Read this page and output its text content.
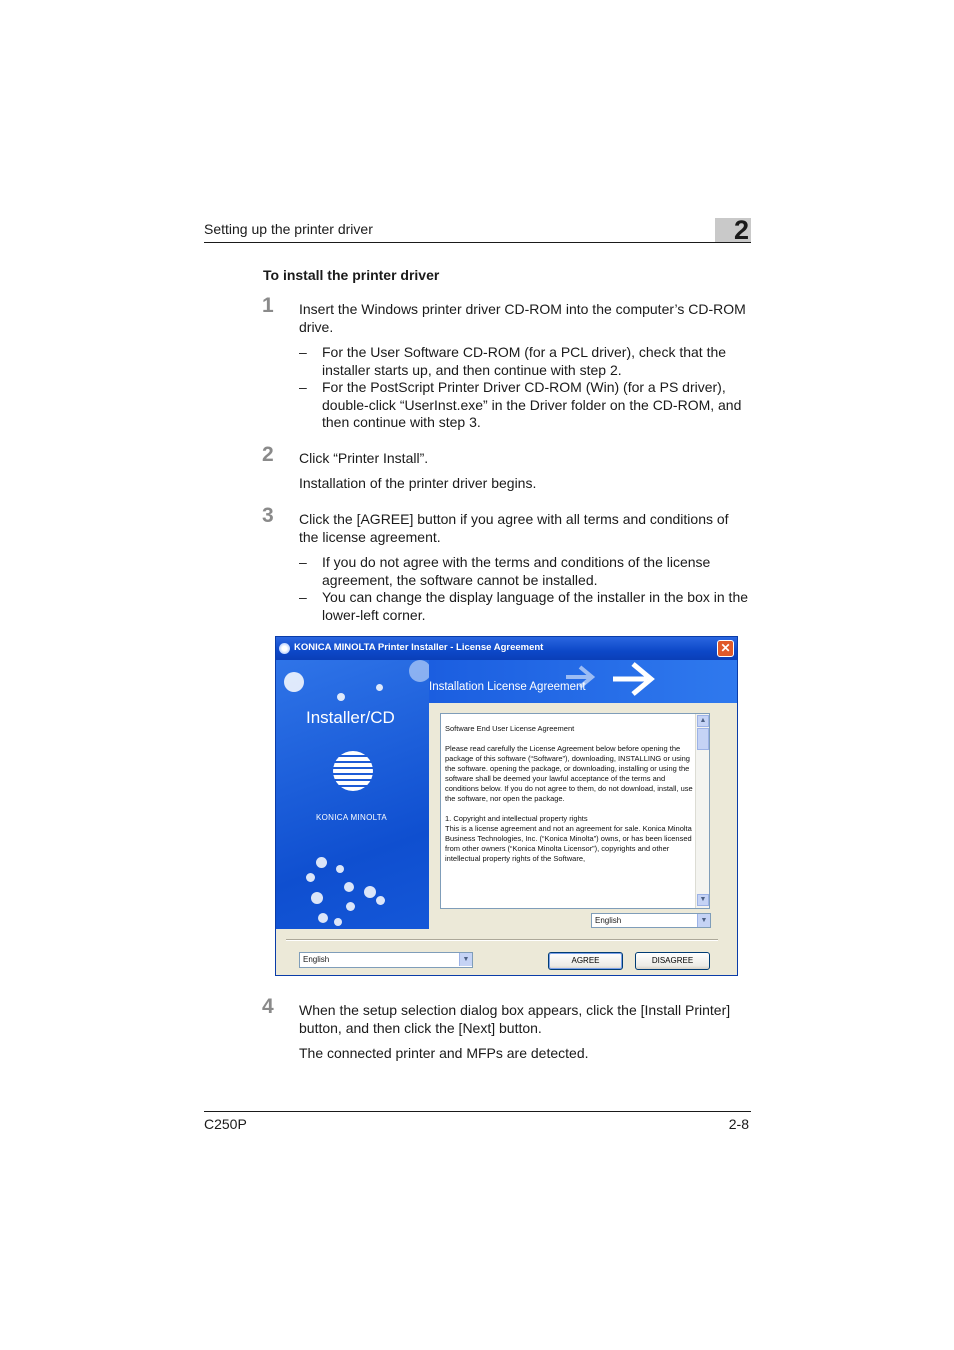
Setting up the printer driver	2
To install the printer driver
1 Insert the Windows printer driver CD-ROM into the computer’s CD-ROM drive.
– For the User Software CD-ROM (for a PCL driver), check that the installer starts up, and then continue with step 2.
– For the PostScript Printer Driver CD-ROM (Win) (for a PS driver), double-click “UserInst.exe” in the Driver folder on the CD-ROM, and then continue with step 3.
2 Click “Printer Install”.
Installation of the printer driver begins.
3 Click the [AGREE] button if you agree with all terms and conditions of the license agreement.
– If you do not agree with the terms and conditions of the license agreement, the software cannot be installed.
– You can change the display language of the installer in the box in the lower-left corner.
KONICA MINOLTA Printer Installer - License Agreement	✕
Installer/CD
KONICA MINOLTA
Installation License Agreement

Software End User License Agreement

Please read carefully the License Agreement below before opening the package of this software (“Software”), downloading, INSTALLING or using the software. opening the package, or downloading, installing or using the software shall be deemed your lawful acceptance of the terms and conditions below. If you do not agree to them, do not download, install, use the software, nor open the package.

1. Copyright and intellectual property rights
This is a license agreement and not an agreement for sale. Konica Minolta Business Technologies, Inc. (“Konica Minolta”) owns, or has been licensed from other owners (“Konica Minolta Licensor”), copyrights and other intellectual property rights of the Software,

▲
▼
English	▼
English	▼	AGREE	DISAGREE
4 When the setup selection dialog box appears, click the [Install Printer] button, and then click the [Next] button.
The connected printer and MFPs are detected.
C250P	2-8
